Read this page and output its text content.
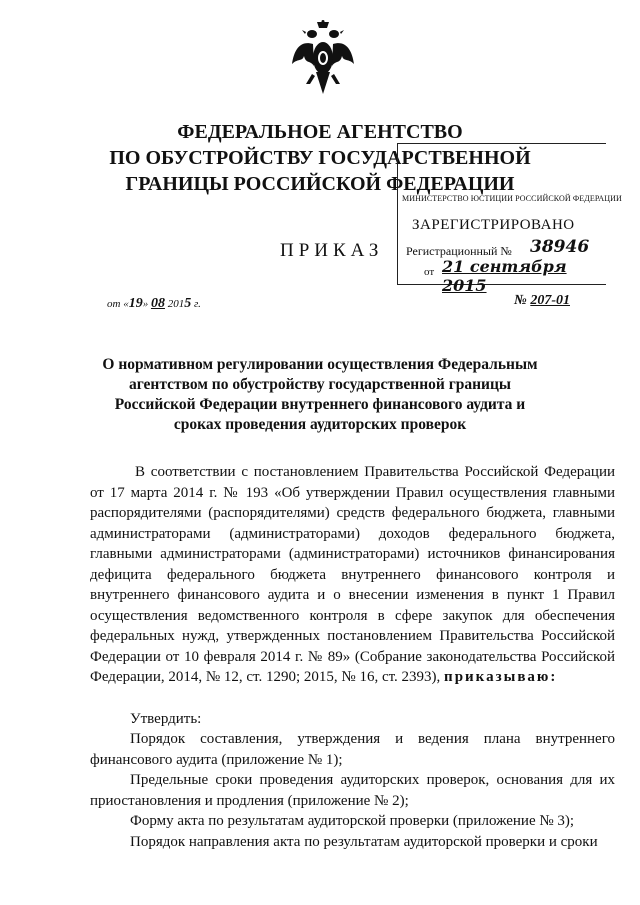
ФЕДЕРАЛЬНОЕ АГЕНТСТВО
ПО ОБУСТРОЙСТВУ ГОСУДАРСТВЕННОЙ
ГРАНИЦЫ РОССИЙСКОЙ ФЕДЕРАЦИИ
МИНИСТЕРСТВО ЮСТИЦИИ РОССИЙСКОЙ ФЕДЕРАЦИИ
ЗАРЕГИСТРИРОВАНО
Регистрационный № 38946
от 21 сентября 2015
ПРИКАЗ
от «19» 08 2015 г.	№ 207-01
О нормативном регулировании осуществления Федеральным агентством по обустройству государственной границы Российской Федерации внутреннего финансового аудита и сроках проведения аудиторских проверок
В соответствии с постановлением Правительства Российской Федерации от 17 марта 2014 г. № 193 «Об утверждении Правил осуществления главными распорядителями (распорядителями) средств федерального бюджета, главными администраторами (администраторами) доходов федерального бюджета, главными администраторами (администраторами) источников финансирования дефицита федерального бюджета внутреннего финансового контроля и внутреннего финансового аудита и о внесении изменения в пункт 1 Правил осуществления ведомственного контроля в сфере закупок для обеспечения федеральных нужд, утвержденных постановлением Правительства Российской Федерации от 10 февраля 2014 г. № 89» (Собрание законодательства Российской Федерации, 2014, № 12, ст. 1290; 2015, № 16, ст. 2393), приказываю:
Утвердить:
Порядок составления, утверждения и ведения плана внутреннего финансового аудита (приложение № 1);
Предельные сроки проведения аудиторских проверок, основания для их приостановления и продления (приложение № 2);
Форму акта по результатам аудиторской проверки (приложение № 3);
Порядок направления акта по результатам аудиторской проверки и сроки
